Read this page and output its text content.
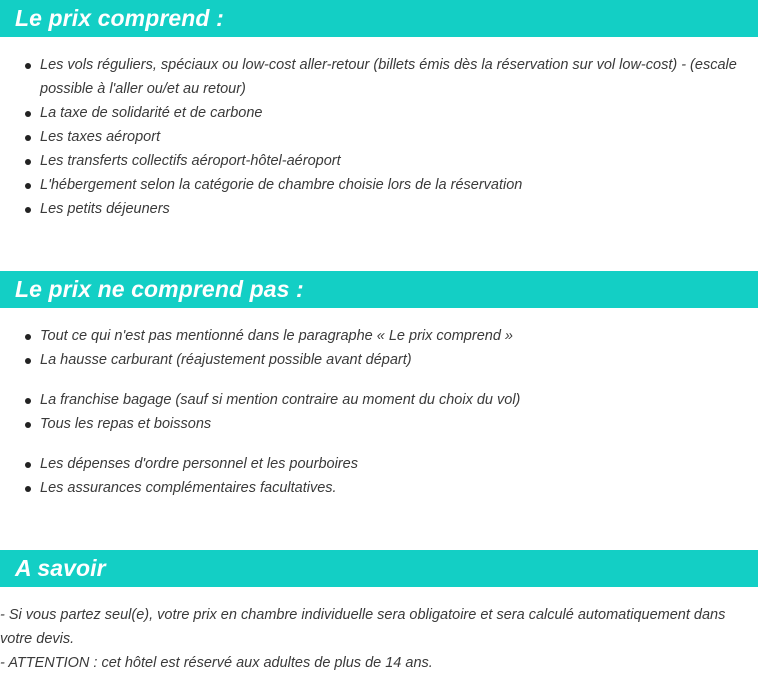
Le prix comprend :
Les vols réguliers, spéciaux ou low-cost aller-retour (billets émis dès la réservation sur vol low-cost) - (escale possible à l'aller ou/et au retour)
La taxe de solidarité et de carbone
Les taxes aéroport
Les transferts collectifs aéroport-hôtel-aéroport
L'hébergement selon la catégorie de chambre choisie lors de la réservation
Les petits déjeuners
Le prix ne comprend pas :
Tout ce qui n'est pas mentionné dans le paragraphe « Le prix comprend »
La hausse carburant (réajustement possible avant départ)
La franchise bagage (sauf si mention contraire au moment du choix du vol)
Tous les repas et boissons
Les dépenses d'ordre personnel et les pourboires
Les assurances complémentaires facultatives.
A savoir
- Si vous partez seul(e), votre prix en chambre individuelle sera obligatoire et sera calculé automatiquement dans votre devis.
- ATTENTION : cet hôtel est réservé aux adultes de plus de 14 ans.
